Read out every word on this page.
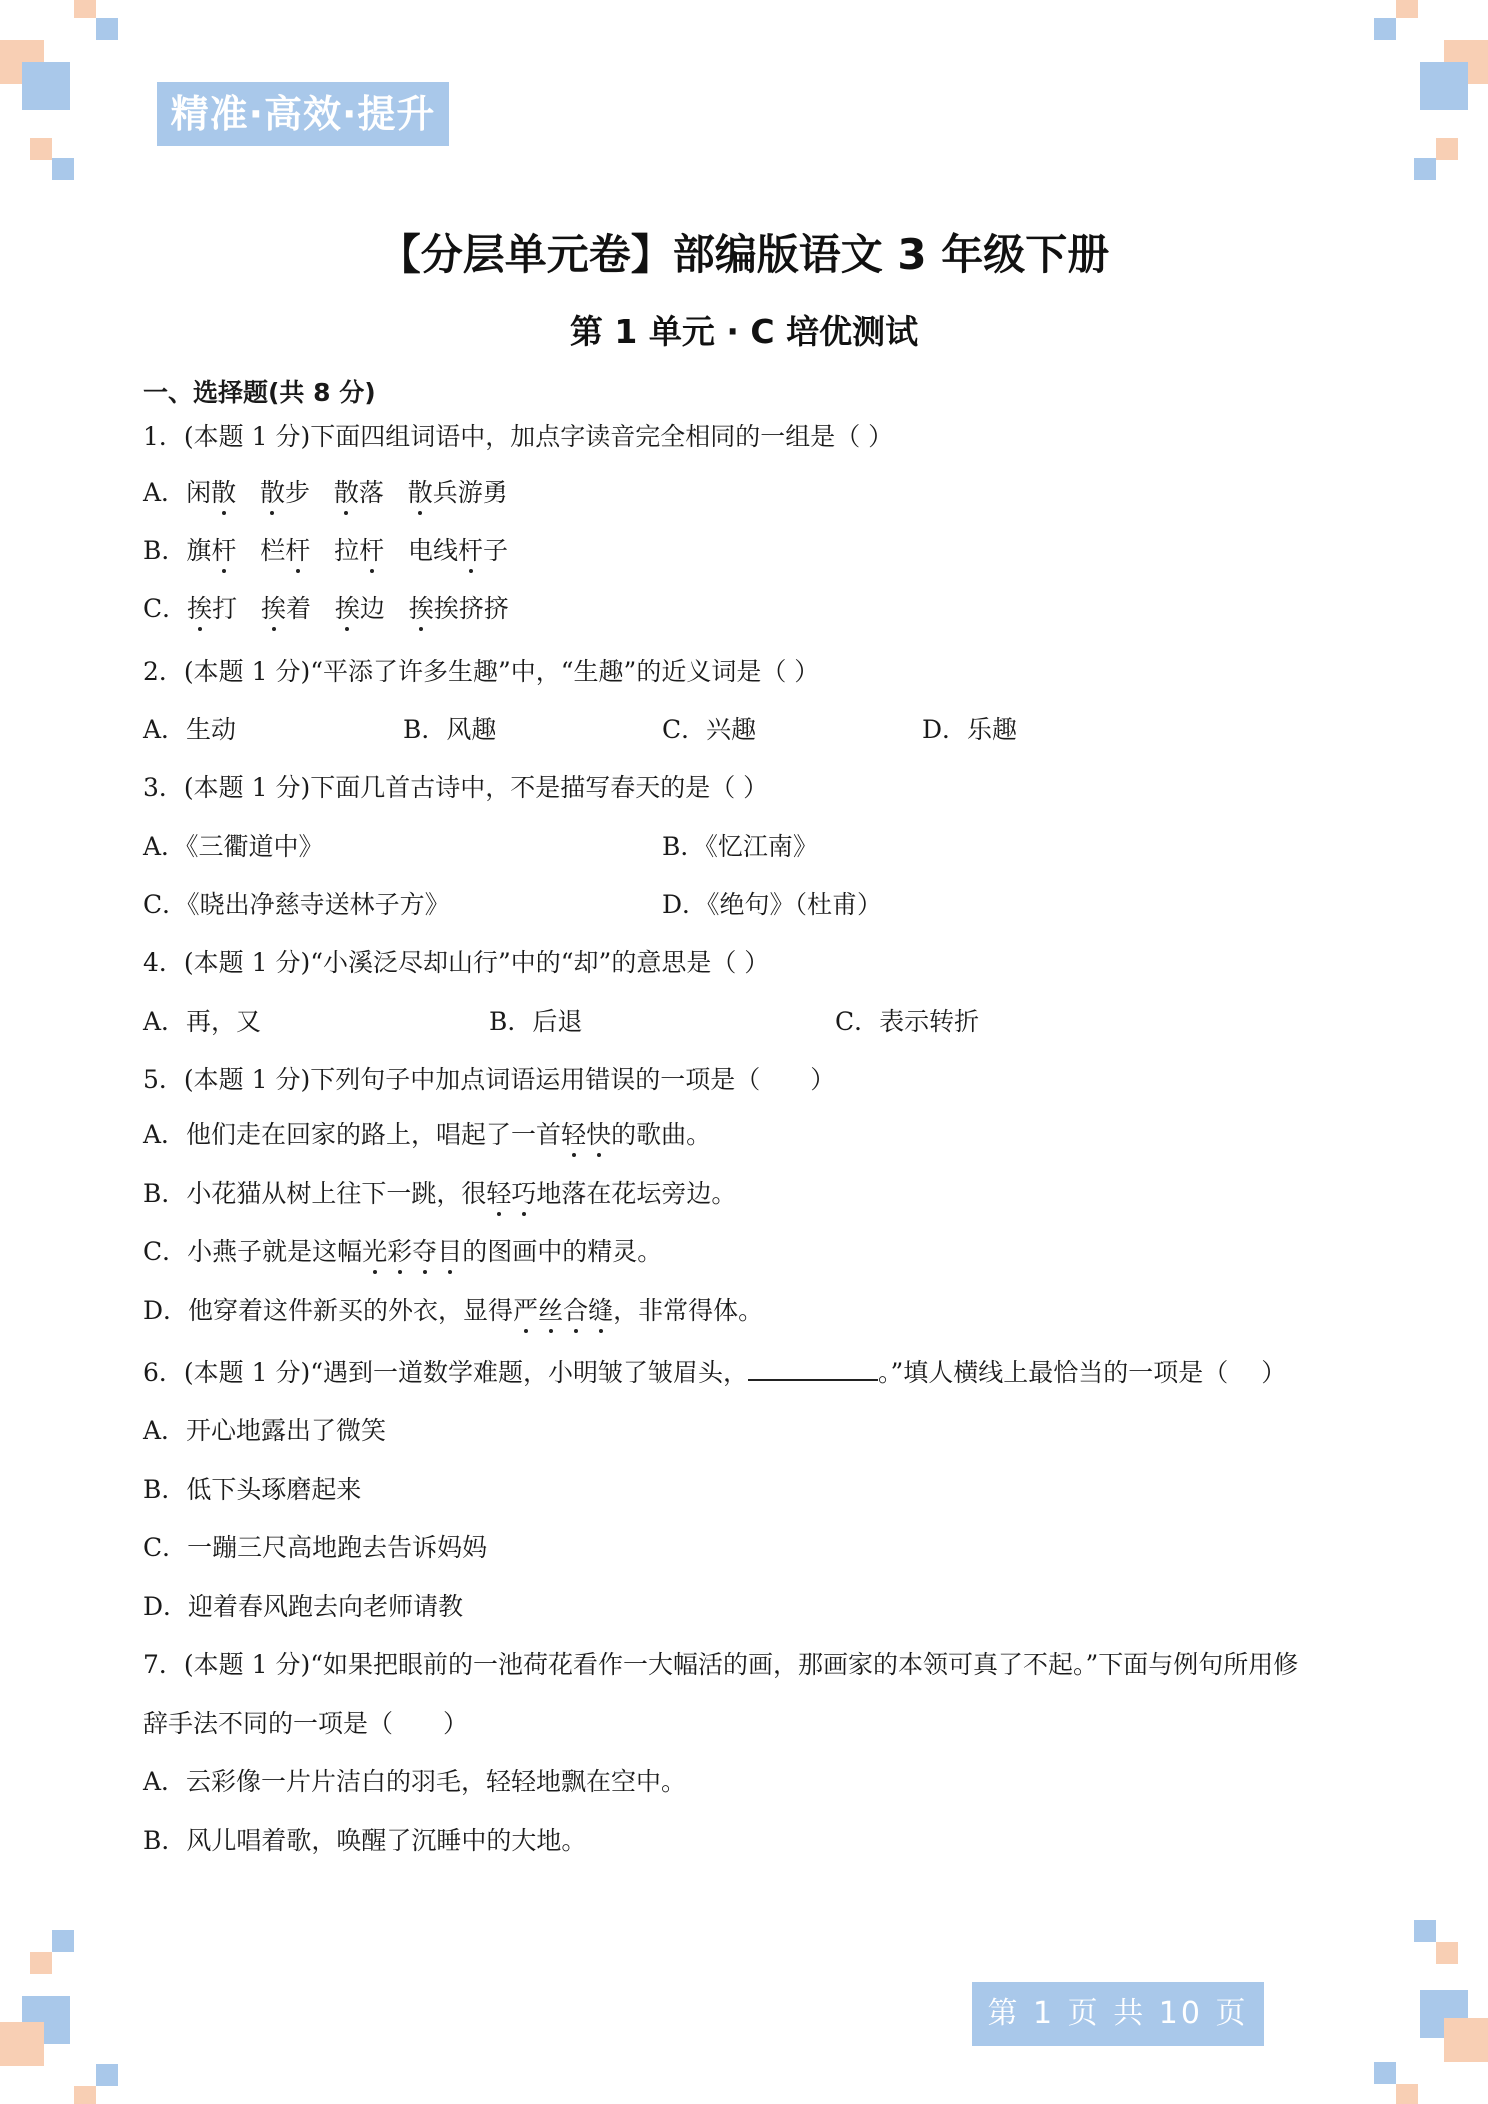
精准·高效·提升
【分层单元卷】部编版语文 3 年级下册
第 1 单元 · C 培优测试
一、选择题(共 8 分)
1．(本题 1 分)下面四组词语中，加点字读音完全相同的一组是（ ）
A．闲散 散步 散落 散兵游勇
B．旗杆 栏杆 拉杆 电线杆子
C．挨打 挨着 挨边 挨挨挤挤
2．(本题 1 分)“平添了许多生趣”中，“生趣”的近义词是（ ）
A．生动	B．风趣	C．兴趣	D．乐趣
3．(本题 1 分)下面几首古诗中，不是描写春天的是（ ）
A．《三衢道中》	B．《忆江南》
C．《晓出净慈寺送林子方》	D．《绝句》（杜甫）
4．(本题 1 分)“小溪泛尽却山行”中的“却”的意思是（ ）
A．再，又	B．后退	C．表示转折
5．(本题 1 分)下列句子中加点词语运用错误的一项是（　　）
A．他们走在回家的路上，唱起了一首轻快的歌曲。
B．小花猫从树上往下一跳，很轻巧地落在花坛旁边。
C．小燕子就是这幅光彩夺目的图画中的精灵。
D．他穿着这件新买的外衣，显得严丝合缝，非常得体。
6．(本题 1 分)“遇到一道数学难题，小明皱了皱眉头，	。”填人横线上最恰当的一项是（　 ）
A．开心地露出了微笑
B．低下头琢磨起来
C．一蹦三尺高地跑去告诉妈妈
D．迎着春风跑去向老师请教
7．(本题 1 分)“如果把眼前的一池荷花看作一大幅活的画，那画家的本领可真了不起。”下面与例句所用修
辞手法不同的一项是（　　）
A．云彩像一片片洁白的羽毛，轻轻地飘在空中。
B．风儿唱着歌，唤醒了沉睡中的大地。
第 1 页 共 10 页
